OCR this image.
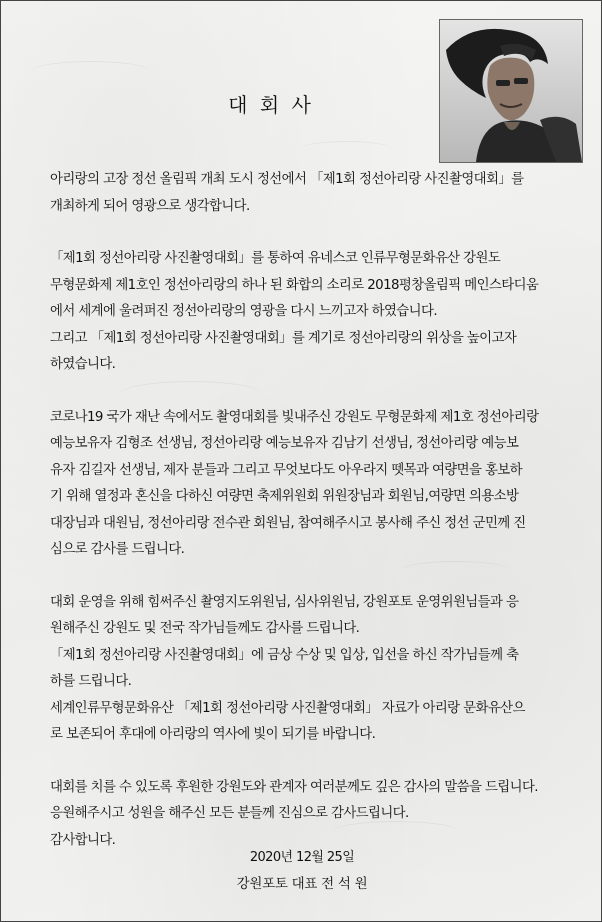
대 회 사

아리랑의 고장 정선 올림픽 개최 도시 정선에서 「제1회 정선아리랑 사진촬영대회」를
개최하게 되어 영광으로 생각합니다.

「제1회 정선아리랑 사진촬영대회」를 통하여 유네스코 인류무형문화유산 강원도
무형문화제 제1호인 정선아리랑의 하나 된 화합의 소리로 2018평창올림픽 메인스타디움
에서 세계에 울려퍼진 정선아리랑의 영광을 다시 느끼고자 하였습니다.
그리고 「제1회 정선아리랑 사진촬영대회」를 계기로 정선아리랑의 위상을 높이고자
하였습니다.

코로나19 국가 재난 속에서도 촬영대회를 빛내주신 강원도 무형문화제 제1호 정선아리랑
예능보유자 김형조 선생님, 정선아리랑 예능보유자 김남기 선생님, 정선아리랑 예능보
유자 김길자 선생님, 제자 분들과 그리고 무엇보다도 아우라지 뗏목과 여량면을 홍보하
기 위해 열정과 혼신을 다하신 여량면 축제위원회 위원장님과 회원님,여량면 의용소방
대장님과 대원님, 정선아리랑 전수관 회원님, 참여해주시고 봉사해 주신 정선 군민께 진
심으로 감사를 드립니다.

대회 운영을 위해 힘써주신 촬영지도위원님, 심사위원님, 강원포토 운영위원님들과 응
원해주신 강원도 및 전국 작가님들께도 감사를 드립니다.
「제1회 정선아리랑 사진촬영대회」에 금상 수상 및 입상, 입선을 하신 작가님들께 축
하를 드립니다.
세계인류무형문화유산 「제1회 정선아리랑 사진촬영대회」 자료가 아리랑 문화유산으
로 보존되어 후대에 아리랑의 역사에 빛이 되기를 바랍니다.

대회를 치를 수 있도록 후원한 강원도와 관계자 여러분께도 깊은 감사의 말씀을 드립니다.
응원해주시고 성원을 해주신 모든 분들께 진심으로 감사드립니다.
감사합니다.

2020년 12월 25일
강원포토 대표 전 석 원
